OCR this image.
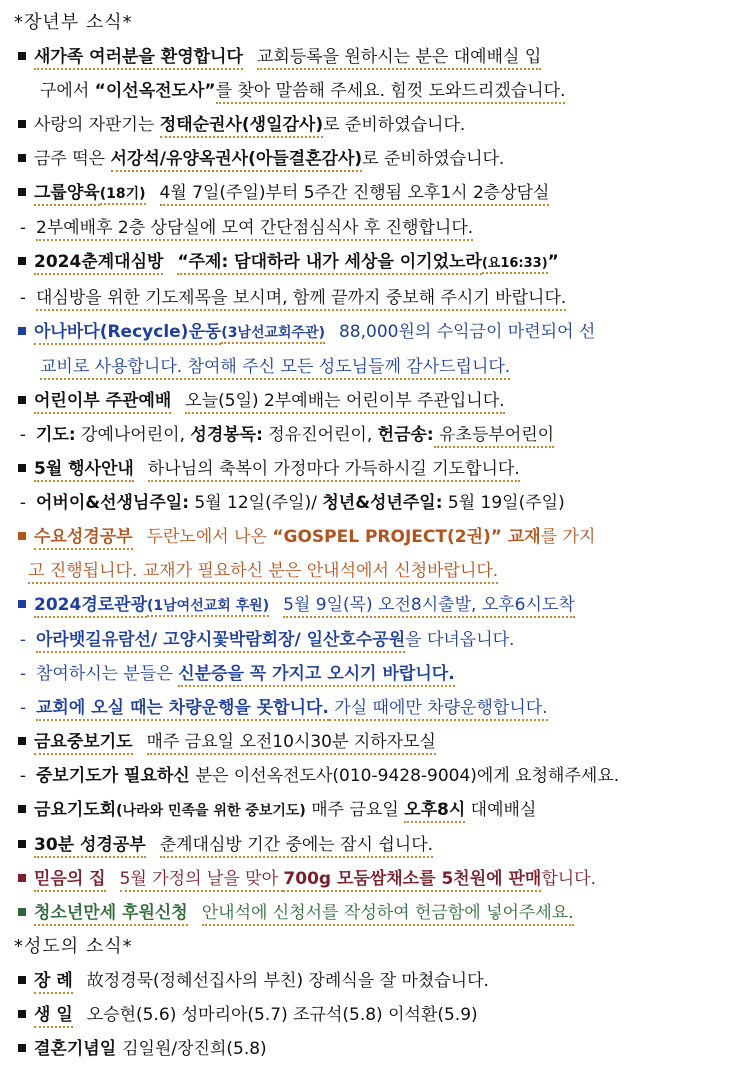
*장년부 소식*
새가족 여러분을 환영합니다 교회등록을 원하시는 분은 대예배실 입
구에서 “이선옥전도사”를 찾아 말씀해 주세요. 힘껏 도와드리겠습니다.
사랑의 자판기는 정태순권사(생일감사)로 준비하였습니다.
금주 떡은 서강석/유양옥권사(아들결혼감사)로 준비하였습니다.
그룹양육(18기) 4월 7일(주일)부터 5주간 진행됨 오후1시 2층상담실
- 2부예배후 2층 상담실에 모여 간단점심식사 후 진행합니다.
2024춘계대심방 “주제: 담대하라 내가 세상을 이기었노라(요16:33)”
- 대심방을 위한 기도제목을 보시며, 함께 끝까지 중보해 주시기 바랍니다.
아나바다(Recycle)운동(3남선교회주관) 88,000원의 수익금이 마련되어 선
교비로 사용합니다. 참여해 주신 모든 성도님들께 감사드립니다.
어린이부 주관예배 오늘(5일) 2부예배는 어린이부 주관입니다.
- 기도: 강예나어린이, 성경봉독: 정유진어린이, 헌금송: 유초등부어린이
5월 행사안내 하나님의 축복이 가정마다 가득하시길 기도합니다.
- 어버이&선생님주일: 5월 12일(주일)/ 청년&성년주일: 5월 19일(주일)
수요성경공부 두란노에서 나온 “GOSPEL PROJECT(2권)” 교재를 가지
고 진행됩니다. 교재가 필요하신 분은 안내석에서 신청바랍니다.
2024경로관광(1남여선교회 후원) 5월 9일(목) 오전8시출발, 오후6시도착
- 아라뱃길유람선/ 고양시꽃박람회장/ 일산호수공원을 다녀옵니다.
- 참여하시는 분들은 신분증을 꼭 가지고 오시기 바랍니다.
- 교회에 오실 때는 차량운행을 못합니다. 가실 때에만 차량운행합니다.
금요중보기도 매주 금요일 오전10시30분 지하자모실
- 중보기도가 필요하신 분은 이선옥전도사(010-9428-9004)에게 요청해주세요.
금요기도회(나라와 민족을 위한 중보기도) 매주 금요일 오후8시 대예배실
30분 성경공부 춘계대심방 기간 중에는 잠시 쉽니다.
믿음의 집 5월 가정의 날을 맞아 700g 모둠쌈채소를 5천원에 판매합니다.
청소년만세 후원신청 안내석에 신청서를 작성하여 헌금함에 넣어주세요.
*성도의 소식*
장 례 故정경묵(정혜선집사의 부친) 장례식을 잘 마쳤습니다.
생 일 오승현(5.6) 성마리아(5.7) 조규석(5.8) 이석환(5.9)
결혼기념일 김일원/장진희(5.8)
